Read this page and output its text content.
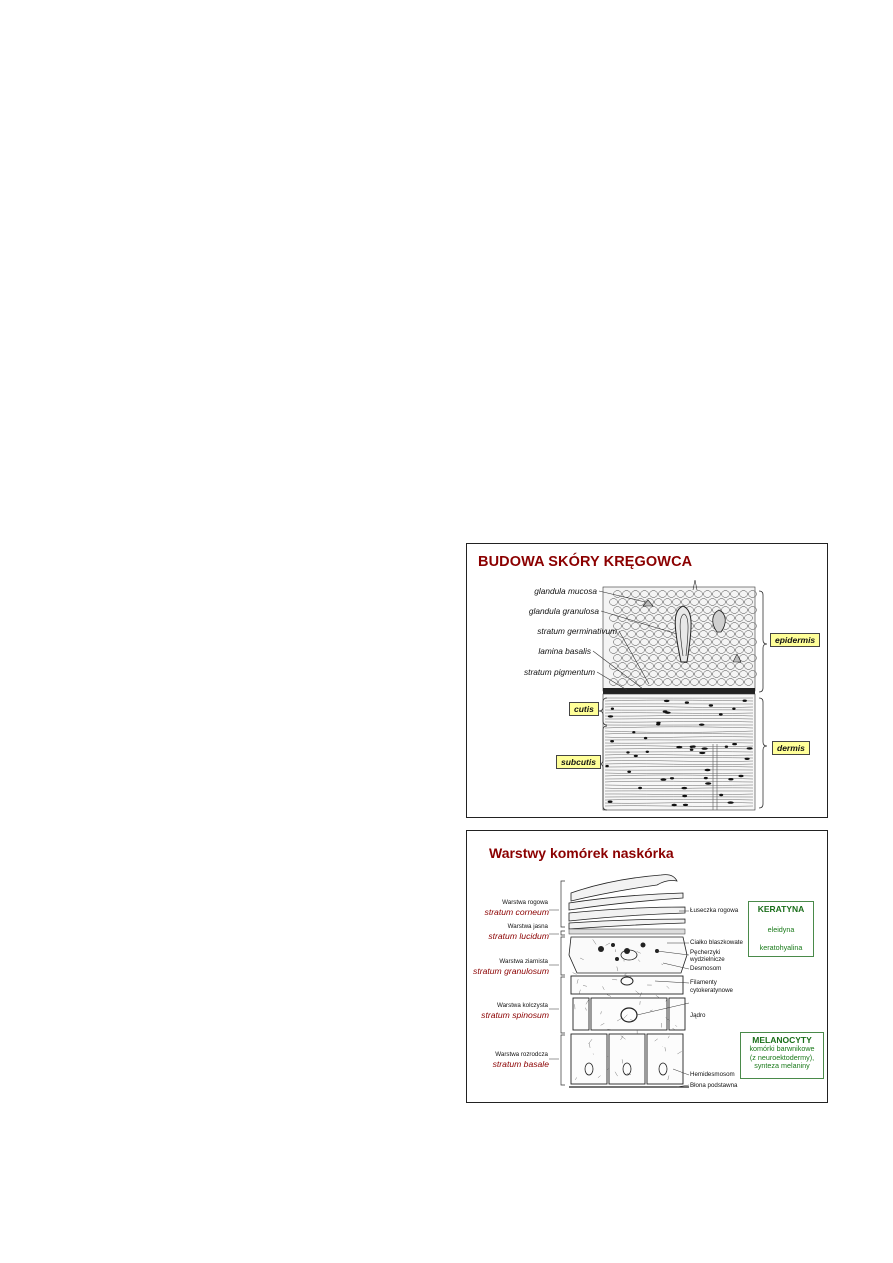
BUDOWA SKÓRY KRĘGOWCA
glandula mucosa
glandula granulosa
stratum germinativum
lamina basalis
stratum pigmentum
cutis
subcutis
epidermis
dermis
Warstwy komórek naskórka
Warstwa rogowa
stratum corneum
Warstwa jasna
stratum lucidum
Warstwa ziarnista
stratum granulosum
Warstwa kolczysta
stratum spinosum
Warstwa rozrodcza
stratum basale
Łuseczka rogowa
Ciałko blaszkowate
Pęcherzyki
wydzielnicze
Desmosom
Filamenty
cytokeratynowe
Jądro
Hemidesmosom
Błona podstawna
KERATYNA
eleidyna
keratohyalina
MELANOCYTY
komórki barwnikowe
(z neuroektodermy),
synteza melaniny
